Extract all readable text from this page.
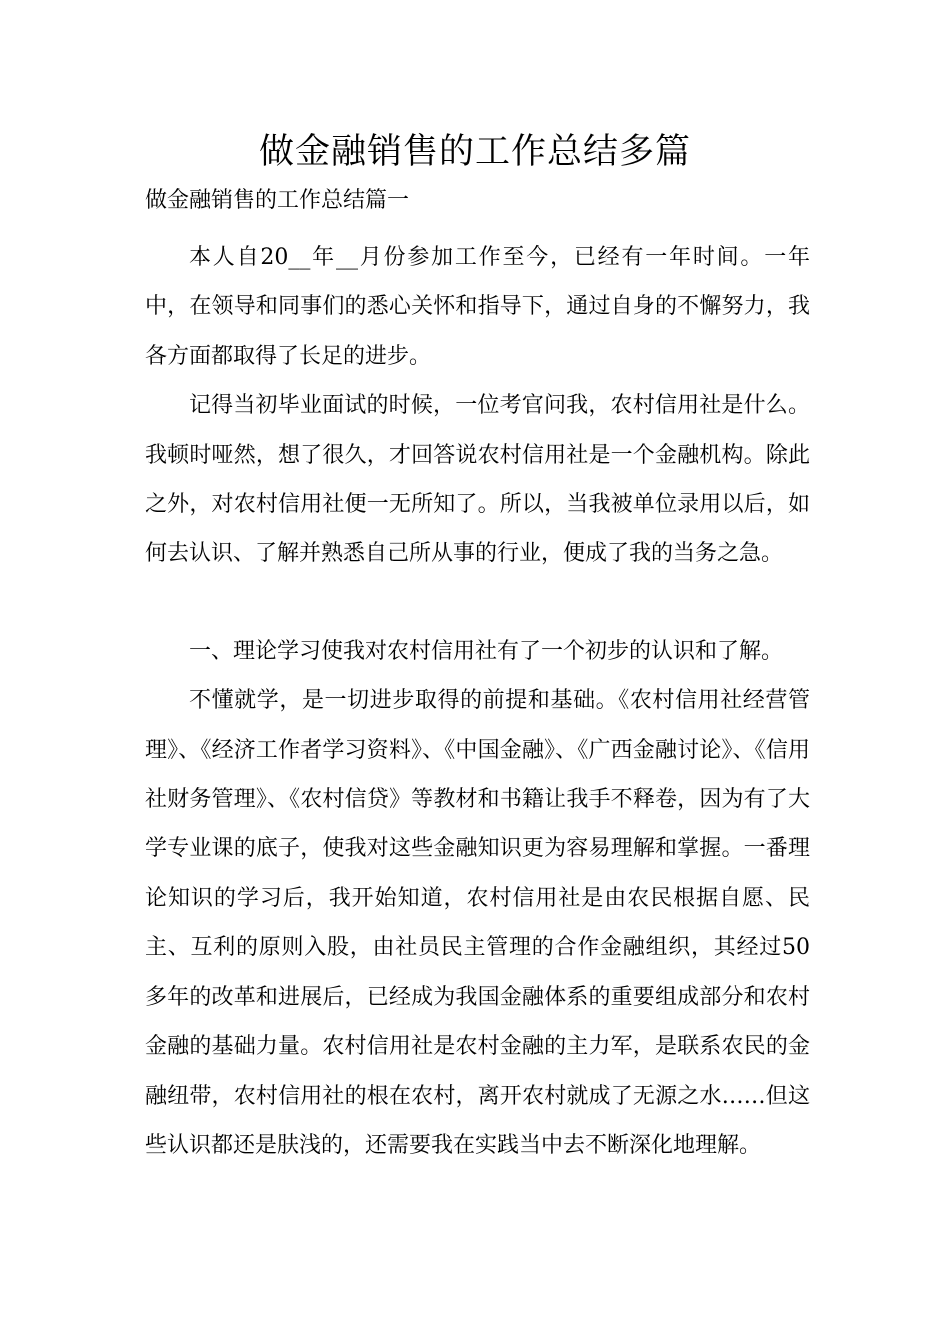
做金融销售的工作总结多篇

做金融销售的工作总结篇一

本人自20__年__月份参加工作至今，已经有一年时间。一年中，在领导和同事们的悉心关怀和指导下，通过自身的不懈努力，我各方面都取得了长足的进步。

记得当初毕业面试的时候，一位考官问我，农村信用社是什么。我顿时哑然，想了很久，才回答说农村信用社是一个金融机构。除此之外，对农村信用社便一无所知了。所以，当我被单位录用以后，如何去认识、了解并熟悉自己所从事的行业，便成了我的当务之急。

一、理论学习使我对农村信用社有了一个初步的认识和了解。

不懂就学，是一切进步取得的前提和基础。《农村信用社经营管理》、《经济工作者学习资料》、《中国金融》、《广西金融讨论》、《信用社财务管理》、《农村信贷》等教材和书籍让我手不释卷，因为有了大学专业课的底子，使我对这些金融知识更为容易理解和掌握。一番理论知识的学习后，我开始知道，农村信用社是由农民根据自愿、民主、互利的原则入股，由社员民主管理的合作金融组织，其经过50多年的改革和进展后，已经成为我国金融体系的重要组成部分和农村金融的基础力量。农村信用社是农村金融的主力军，是联系农民的金融纽带，农村信用社的根在农村，离开农村就成了无源之水……但这些认识都还是肤浅的，还需要我在实践当中去不断深化地理解。
